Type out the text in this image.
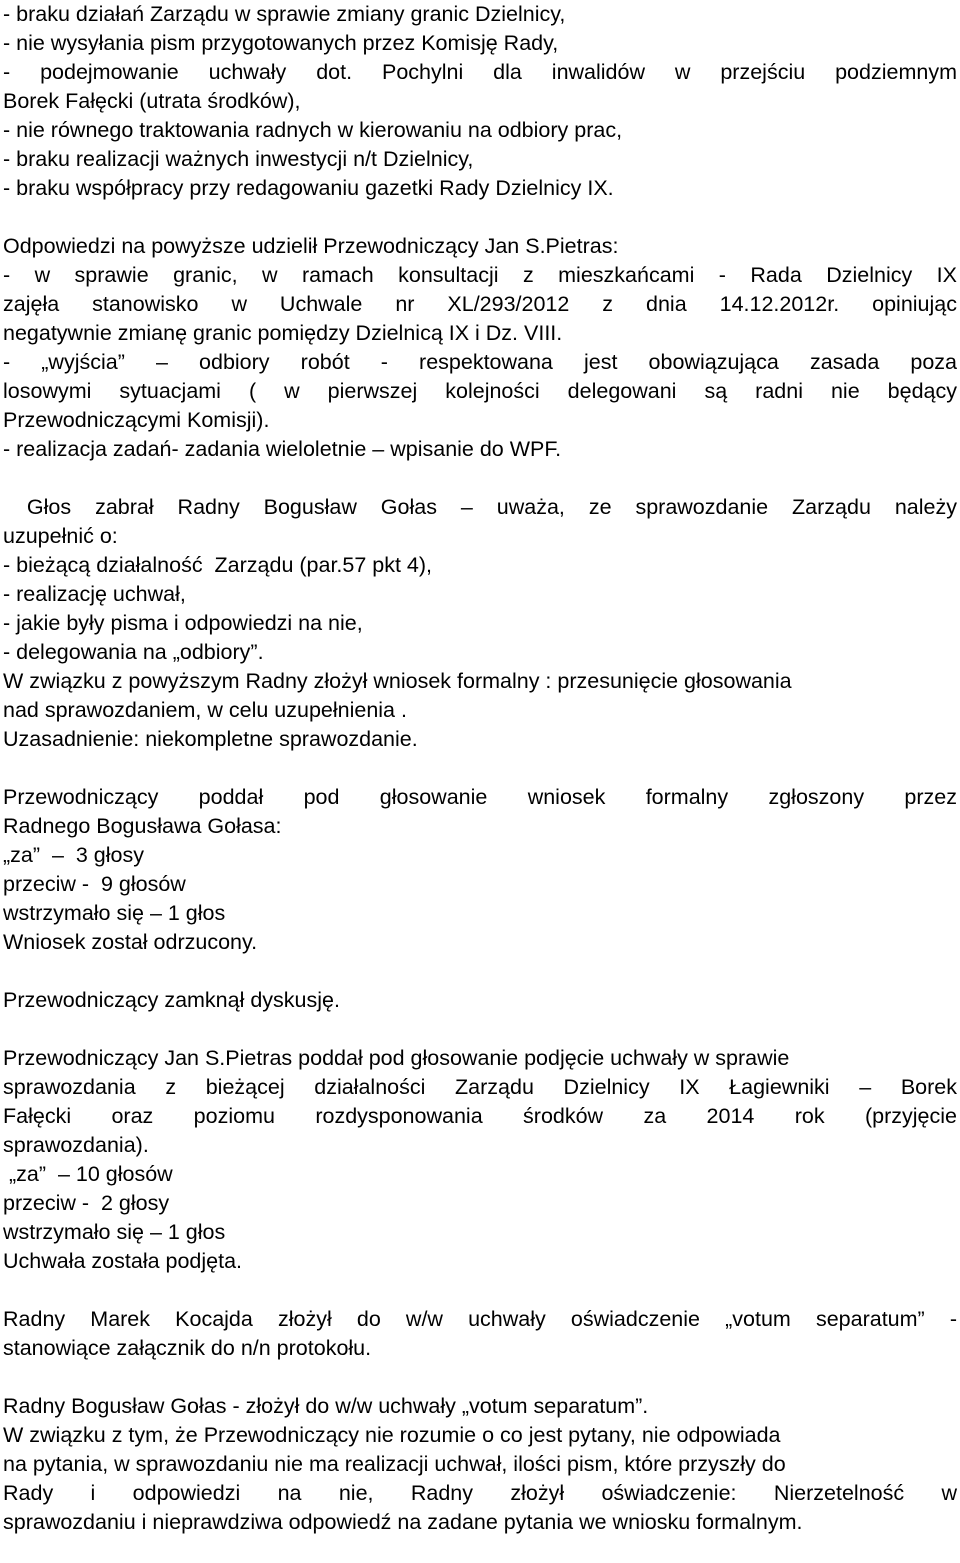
- braku działań Zarządu w sprawie zmiany granic Dzielnicy,
- nie wysyłania pism przygotowanych przez Komisję Rady,
- podejmowanie uchwały dot. Pochylni dla inwalidów w przejściu podziemnym
Borek Fałęcki (utrata środków),
- nie równego traktowania radnych w kierowaniu na odbiory prac,
- braku realizacji ważnych inwestycji n/t Dzielnicy,
- braku współpracy przy redagowaniu gazetki Rady Dzielnicy IX.
Odpowiedzi na powyższe udzielił Przewodniczący Jan S.Pietras:
- w sprawie granic, w ramach konsultacji z mieszkańcami - Rada Dzielnicy IX
zajęła stanowisko w Uchwale nr XL/293/2012 z dnia 14.12.2012r. opiniując
negatywnie zmianę granic pomiędzy Dzielnicą IX i Dz. VIII.
- „wyjścia” – odbiory robót - respektowana jest obowiązująca zasada poza
losowymi sytuacjami ( w pierwszej kolejności delegowani są radni nie będący
Przewodniczącymi Komisji).
- realizacja zadań- zadania wieloletnie – wpisanie do WPF.
Głos zabrał Radny Bogusław Gołas – uważa, ze sprawozdanie Zarządu należy
uzupełnić o:
- bieżącą działalność  Zarządu (par.57 pkt 4),
- realizację uchwał,
- jakie były pisma i odpowiedzi na nie,
- delegowania na „odbiory”.
W związku z powyższym Radny złożył wniosek formalny : przesunięcie głosowania
nad sprawozdaniem, w celu uzupełnienia .
Uzasadnienie: niekompletne sprawozdanie.
Przewodniczący poddał pod głosowanie wniosek formalny zgłoszony przez
Radnego Bogusława Gołasa:
„za”  –  3 głosy
przeciw -  9 głosów
wstrzymało się – 1 głos
Wniosek został odrzucony.
Przewodniczący zamknął dyskusję.
Przewodniczący Jan S.Pietras poddał pod głosowanie podjęcie uchwały w sprawie
sprawozdania z bieżącej działalności Zarządu Dzielnicy IX Łagiewniki – Borek
Fałęcki oraz poziomu rozdysponowania środków za 2014 rok (przyjęcie
sprawozdania).
„za”  – 10 głosów
przeciw -  2 głosy
wstrzymało się – 1 głos
Uchwała została podjęta.
Radny Marek Kocajda złożył do w/w uchwały oświadczenie „votum separatum” -
stanowiące załącznik do n/n protokołu.
Radny Bogusław Gołas - złożył do w/w uchwały „votum separatum”.
W związku z tym, że Przewodniczący nie rozumie o co jest pytany, nie odpowiada
na pytania, w sprawozdaniu nie ma realizacji uchwał, ilości pism, które przyszły do
Rady i odpowiedzi na nie, Radny złożył oświadczenie: Nierzetelność w
sprawozdaniu i nieprawdziwa odpowiedź na zadane pytania we wniosku formalnym.
